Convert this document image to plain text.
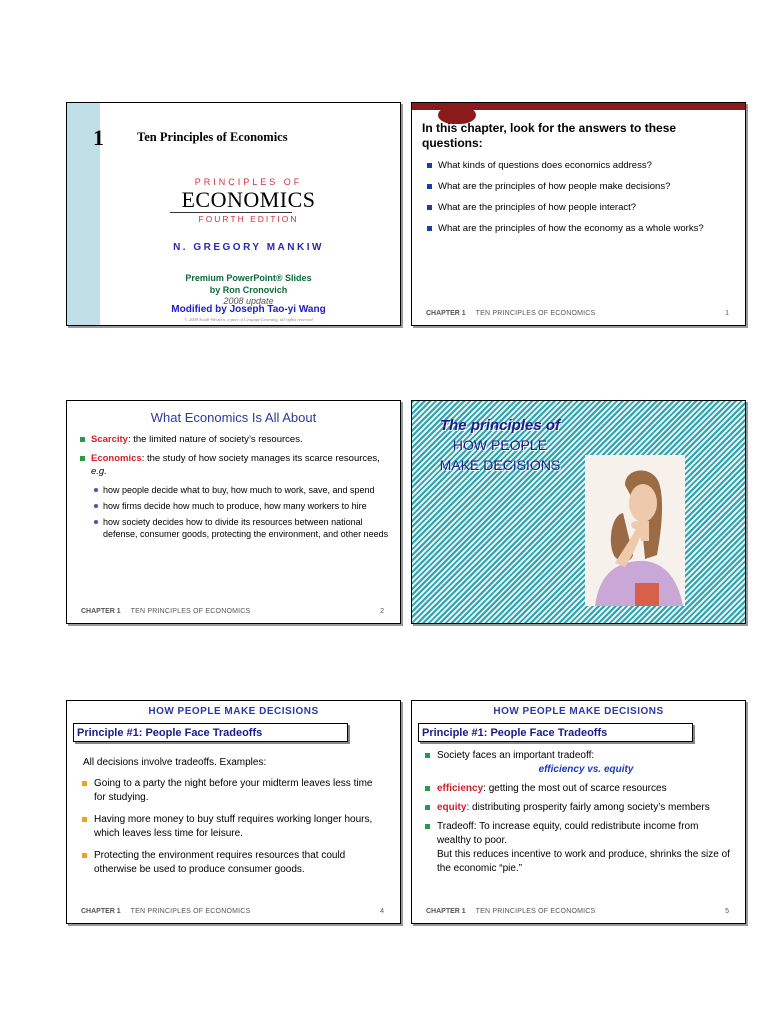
1	Ten Principles of Economics
PRINCIPLES OF
ECONOMICS
FOURTH EDITION
N. GREGORY MANKIW
Premium PowerPoint® Slides
by Ron Cronovich
2008 update
Modified by Joseph Tao-yi Wang
© 2008 South-Western, a part of Cengage Learning, all rights reserved
In this chapter, look for the answers to these questions:
What kinds of questions does economics address?
What are the principles of how people make decisions?
What are the principles of how people interact?
What are the principles of how the economy as a whole works?
CHAPTER 1 TEN PRINCIPLES OF ECONOMICS	1
What Economics Is All About
Scarcity: the limited nature of society’s resources.
Economics: the study of how society manages its scarce resources, e.g.
how people decide what to buy, how much to work, save, and spend
how firms decide how much to produce, how many workers to hire
how society decides how to divide its resources between national defense, consumer goods, protecting the environment, and other needs
CHAPTER 1 TEN PRINCIPLES OF ECONOMICS	2
The principles of
HOW PEOPLE
MAKE DECISIONS
HOW PEOPLE MAKE DECISIONS
Principle #1: People Face Tradeoffs
All decisions involve tradeoffs. Examples:
Going to a party the night before your midterm leaves less time for studying.
Having more money to buy stuff requires working longer hours, which leaves less time for leisure.
Protecting the environment requires resources that could otherwise be used to produce consumer goods.
CHAPTER 1 TEN PRINCIPLES OF ECONOMICS	4
HOW PEOPLE MAKE DECISIONS
Principle #1: People Face Tradeoffs
Society faces an important tradeoff:
efficiency vs. equity
efficiency: getting the most out of scarce resources
equity: distributing prosperity fairly among society’s members
Tradeoff: To increase equity, could redistribute income from wealthy to poor.
But this reduces incentive to work and produce, shrinks the size of the economic “pie.”
CHAPTER 1 TEN PRINCIPLES OF ECONOMICS	5
